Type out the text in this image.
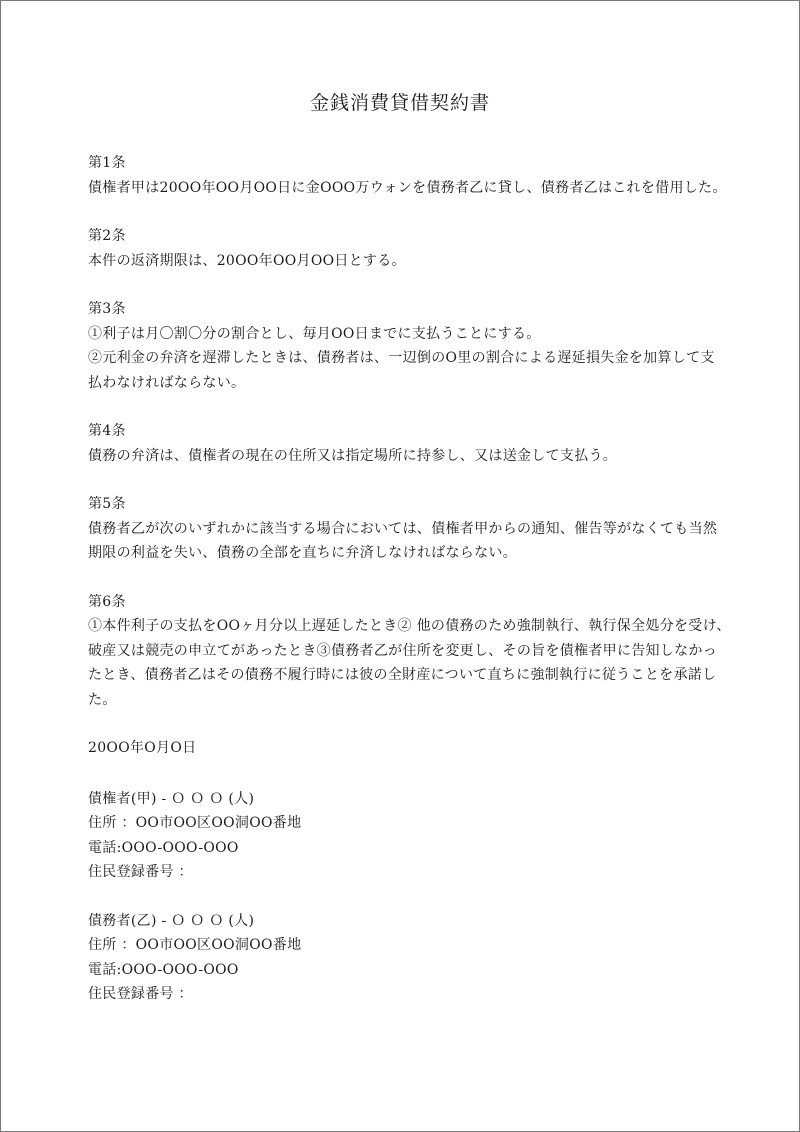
金銭消費貸借契約書
第1条
債権者甲は20OO年OO月OO日に金OOO万ウォンを債務者乙に貸し、債務者乙はこれを借用した。
第2条
本件の返済期限は、20OO年OO月OO日とする。
第3条
①利子は月〇割〇分の割合とし、毎月OO日までに支払うことにする。
②元利金の弁済を遅滞したときは、債務者は、一辺倒のO里の割合による遅延損失金を加算して支
払わなければならない。
第4条
債務の弁済は、債権者の現在の住所又は指定場所に持参し、又は送金して支払う。
第5条
債務者乙が次のいずれかに該当する場合においては、債権者甲からの通知、催告等がなくても当然
期限の利益を失い、債務の全部を直ちに弁済しなければならない。
第6条
①本件利子の支払をOOヶ月分以上遅延したとき② 他の債務のため強制執行、執行保全処分を受け、
破産又は競売の申立てがあったとき③債務者乙が住所を変更し、その旨を債権者甲に告知しなかっ
たとき、債務者乙はその債務不履行時には彼の全財産について直ちに強制執行に従うことを承諾し
た。
20OO年O月O日
債権者(甲) - Ｏ Ｏ Ｏ (人)
住所 ：OO市OO区OO洞OO番地
電話:OOO-OOO-OOO
住民登録番号 ：
債務者(乙) - Ｏ Ｏ Ｏ (人)
住所 ：OO市OO区OO洞OO番地
電話:OOO-OOO-OOO
住民登録番号 ：
